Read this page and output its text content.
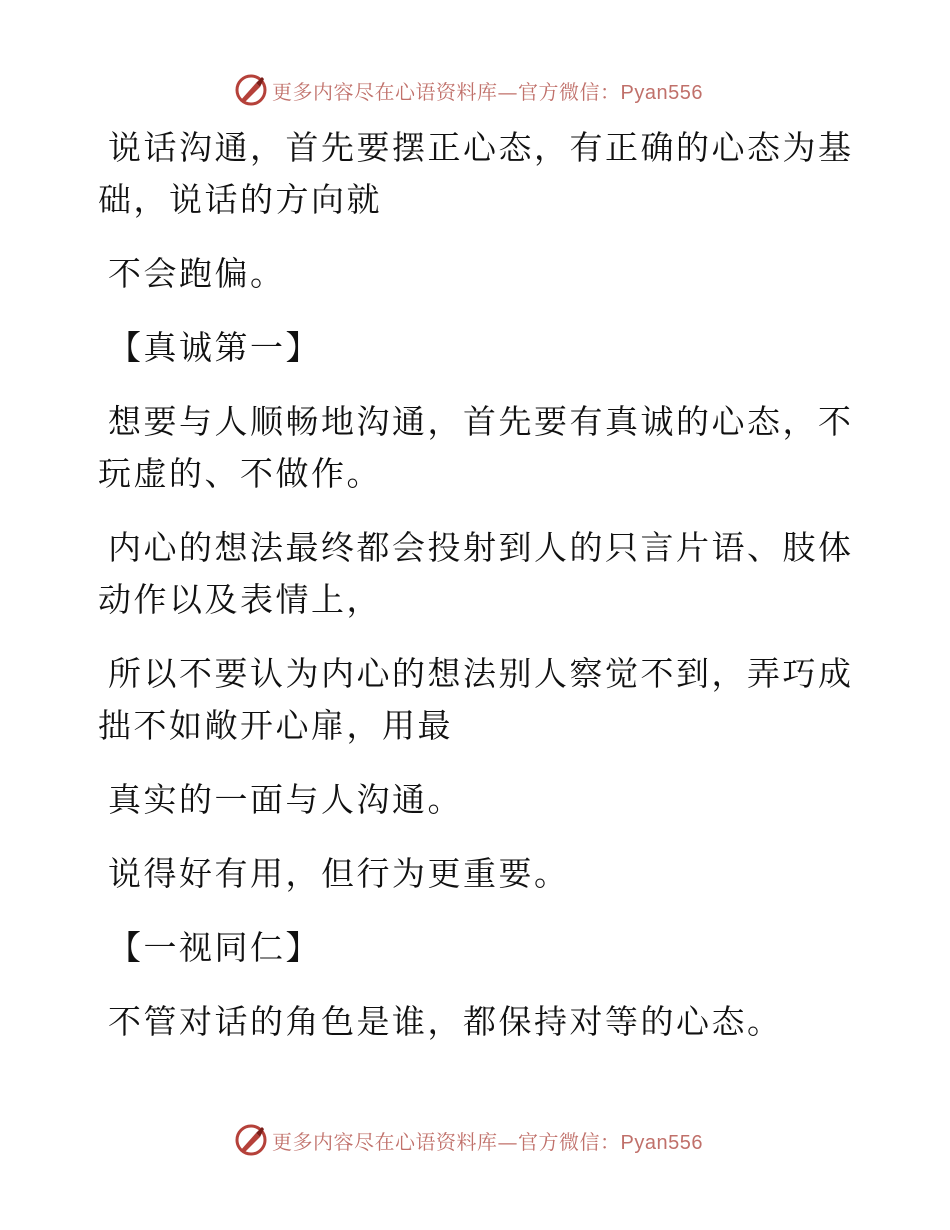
更多内容尽在心语资料库—官方微信：Pyan556
说话沟通，首先要摆正心态，有正确的心态为基
础，说话的方向就
不会跑偏。
【真诚第一】
想要与人顺畅地沟通，首先要有真诚的心态，不
玩虚的、不做作。
内心的想法最终都会投射到人的只言片语、肢体
动作以及表情上，
所以不要认为内心的想法别人察觉不到，弄巧成
拙不如敞开心扉，用最
真实的一面与人沟通。
说得好有用，但行为更重要。
【一视同仁】
不管对话的角色是谁，都保持对等的心态。
更多内容尽在心语资料库—官方微信：Pyan556
